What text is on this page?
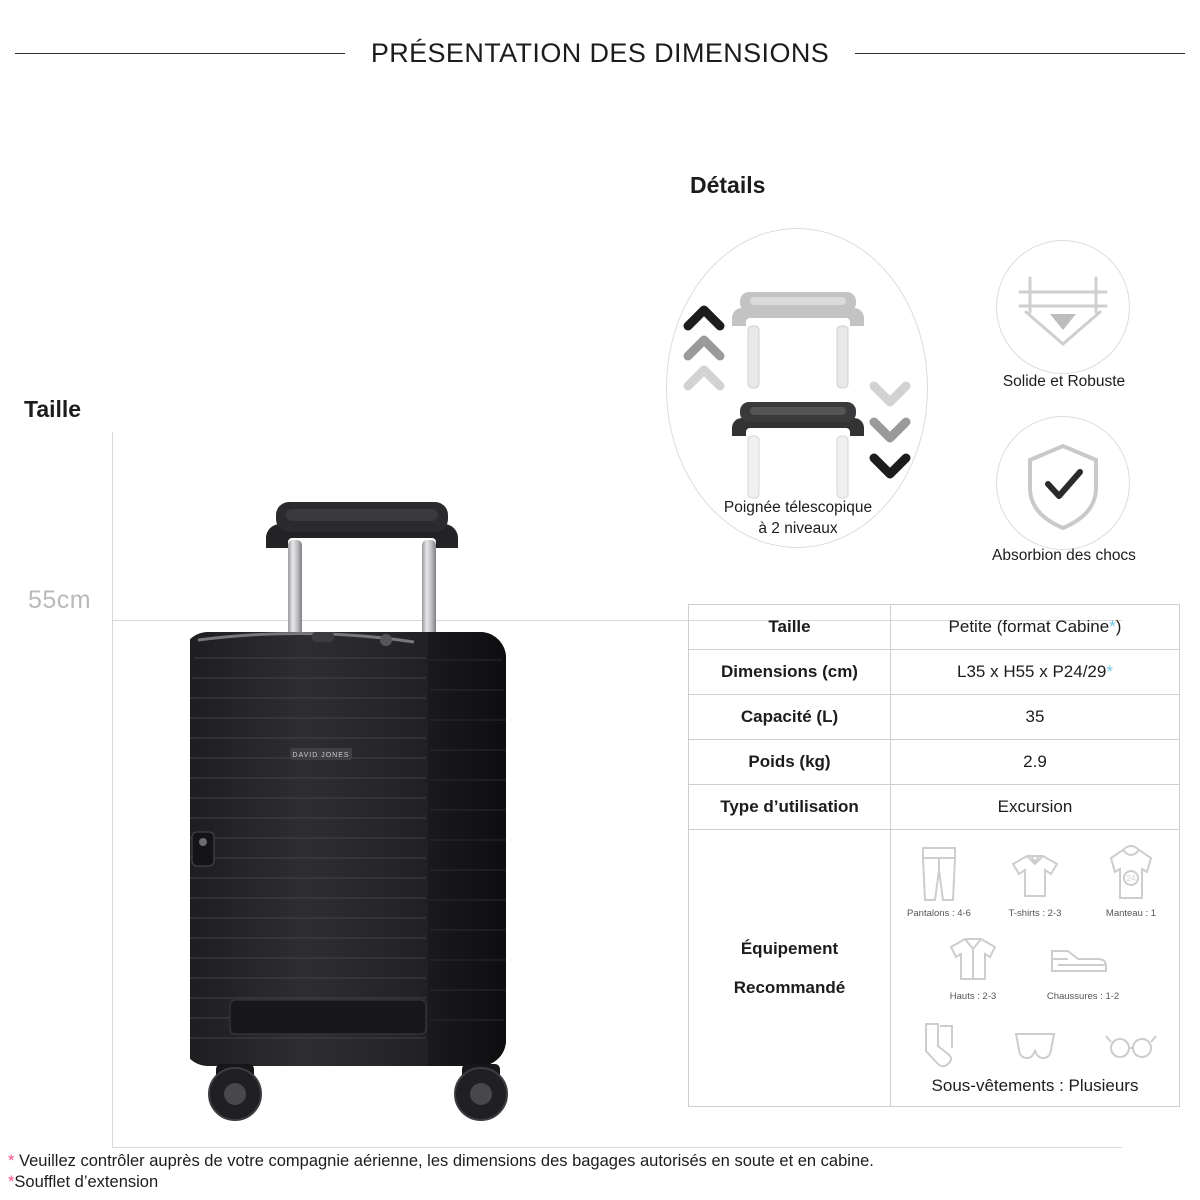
PRÉSENTATION DES DIMENSIONS
Taille
55cm
DAVID JONES
Détails
Poignée télescopique
à 2 niveaux
Solide et Robuste
Absorbion des chocs
Taille	Petite (format Cabine*)
Dimensions (cm)	L35 x H55 x P24/29*
Capacité (L)	35
Poids (kg)	2.9
Type d’utilisation	Excursion

Équipement
Recommandé

Pantalons : 4-6	T-shirts : 2-3
24
Manteau : 1
Hauts : 2-3	Chaussures : 1-2
Sous-vêtements : Plusieurs

* Veuillez contrôler auprès de votre compagnie aérienne, les dimensions des bagages autorisés en soute et en cabine.

*Soufflet d’extension
